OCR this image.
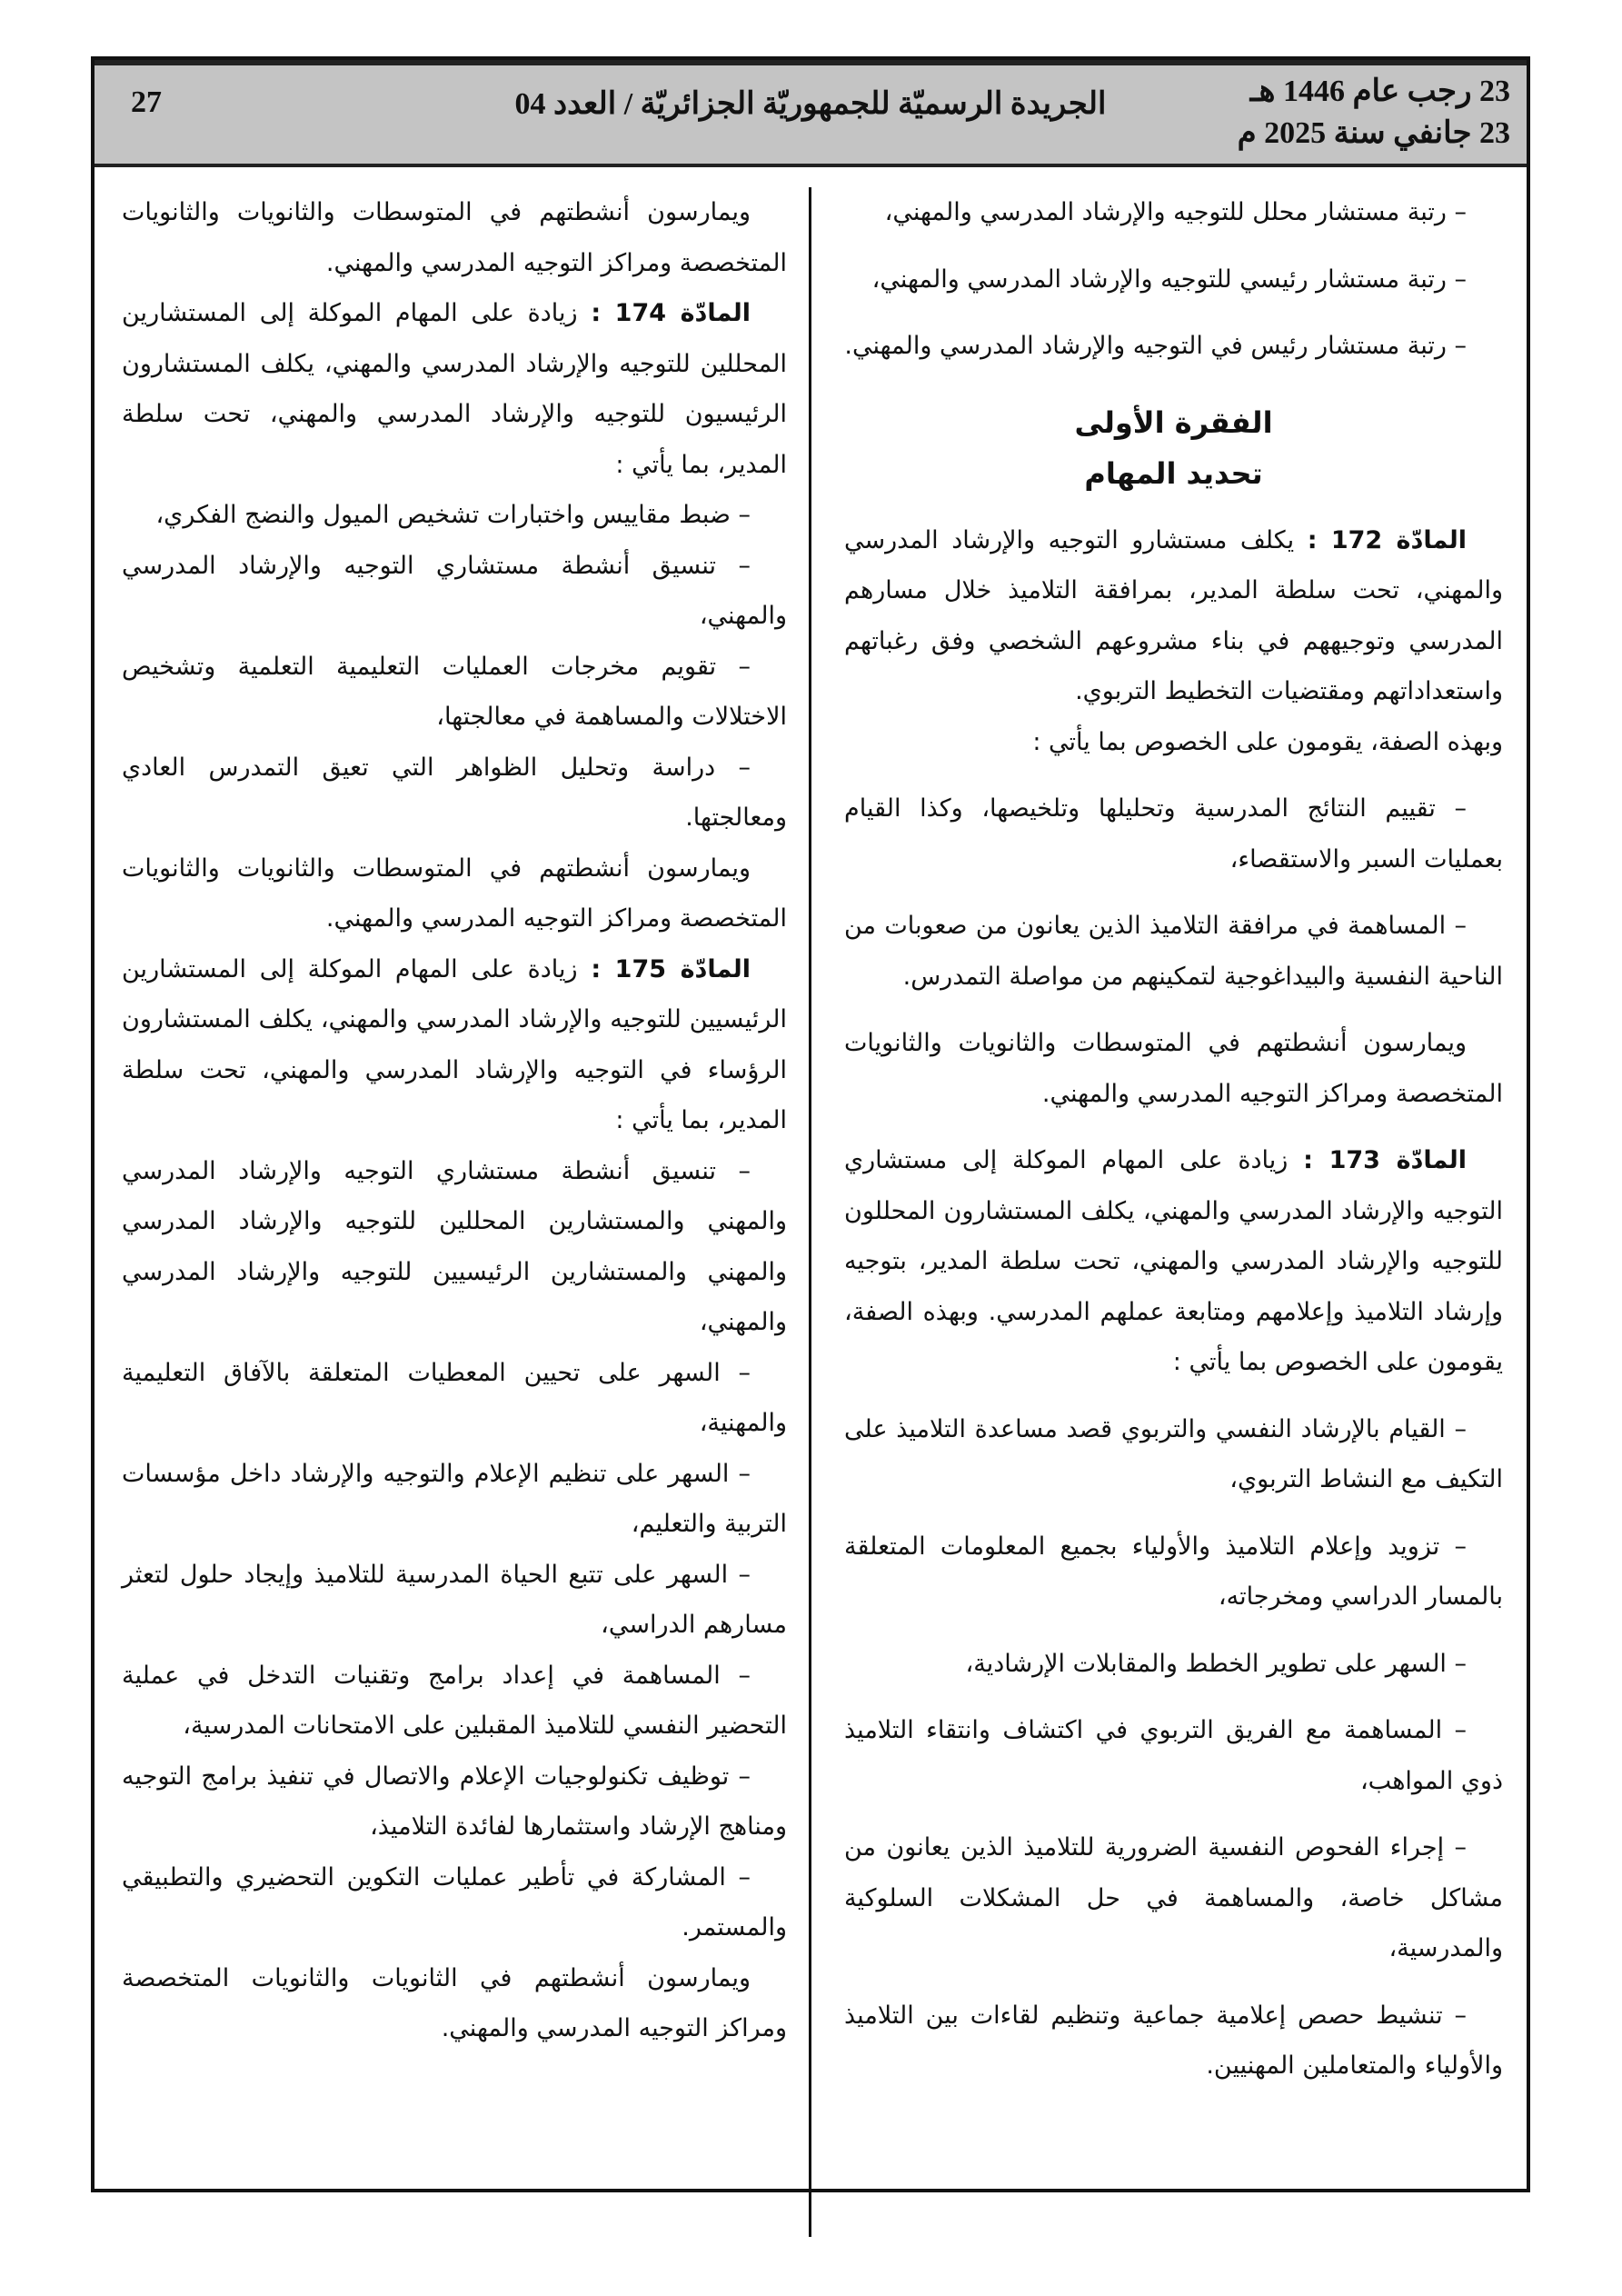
23 رجب عام 1446 هـ
23 جانفي سنة 2025 م
الجريدة الرسميّة للجمهوريّة الجزائريّة / العدد 04
27

– رتبة مستشار محلل للتوجيه والإرشاد المدرسي والمهني،

– رتبة مستشار رئيسي للتوجيه والإرشاد المدرسي والمهني،

– رتبة مستشار رئيس في التوجيه والإرشاد المدرسي والمهني.

الفقرة الأولى
تحديد المهام

المادّة 172 : يكلف مستشارو التوجيه والإرشاد المدرسي والمهني، تحت سلطة المدير، بمرافقة التلاميذ خلال مسارهم المدرسي وتوجيههم في بناء مشروعهم الشخصي وفق رغباتهم واستعداداتهم ومقتضيات التخطيط التربوي.

وبهذه الصفة، يقومون على الخصوص بما يأتي :

– تقييم النتائج المدرسية وتحليلها وتلخيصها، وكذا القيام بعمليات السبر والاستقصاء،

– المساهمة في مرافقة التلاميذ الذين يعانون من صعوبات من الناحية النفسية والبيداغوجية لتمكينهم من مواصلة التمدرس.

ويمارسون أنشطتهم في المتوسطات والثانويات والثانويات المتخصصة ومراكز التوجيه المدرسي والمهني.

المادّة 173 : زيادة على المهام الموكلة إلى مستشاري التوجيه والإرشاد المدرسي والمهني، يكلف المستشارون المحللون للتوجيه والإرشاد المدرسي والمهني، تحت سلطة المدير، بتوجيه وإرشاد التلاميذ وإعلامهم ومتابعة عملهم المدرسي. وبهذه الصفة، يقومون على الخصوص بما يأتي :

– القيام بالإرشاد النفسي والتربوي قصد مساعدة التلاميذ على التكيف مع النشاط التربوي،

– تزويد وإعلام التلاميذ والأولياء بجميع المعلومات المتعلقة بالمسار الدراسي ومخرجاته،

– السهر على تطوير الخطط والمقابلات الإرشادية،

– المساهمة مع الفريق التربوي في اكتشاف وانتقاء التلاميذ ذوي المواهب،

– إجراء الفحوص النفسية الضرورية للتلاميذ الذين يعانون من مشاكل خاصة، والمساهمة في حل المشكلات السلوكية والمدرسية،

– تنشيط حصص إعلامية جماعية وتنظيم لقاءات بين التلاميذ والأولياء والمتعاملين المهنيين.

ويمارسون أنشطتهم في المتوسطات والثانويات والثانويات المتخصصة ومراكز التوجيه المدرسي والمهني.

المادّة 174 : زيادة على المهام الموكلة إلى المستشارين المحللين للتوجيه والإرشاد المدرسي والمهني، يكلف المستشارون الرئيسيون للتوجيه والإرشاد المدرسي والمهني، تحت سلطة المدير، بما يأتي :

– ضبط مقاييس واختبارات تشخيص الميول والنضج الفكري،

– تنسيق أنشطة مستشاري التوجيه والإرشاد المدرسي والمهني،

– تقويم مخرجات العمليات التعليمية التعلمية وتشخيص الاختلالات والمساهمة في معالجتها،

– دراسة وتحليل الظواهر التي تعيق التمدرس العادي ومعالجتها.

ويمارسون أنشطتهم في المتوسطات والثانويات والثانويات المتخصصة ومراكز التوجيه المدرسي والمهني.

المادّة 175 : زيادة على المهام الموكلة إلى المستشارين الرئيسيين للتوجيه والإرشاد المدرسي والمهني، يكلف المستشارون الرؤساء في التوجيه والإرشاد المدرسي والمهني، تحت سلطة المدير، بما يأتي :

– تنسيق أنشطة مستشاري التوجيه والإرشاد المدرسي والمهني والمستشارين المحللين للتوجيه والإرشاد المدرسي والمهني والمستشارين الرئيسيين للتوجيه والإرشاد المدرسي والمهني،

– السهر على تحيين المعطيات المتعلقة بالآفاق التعليمية والمهنية،

– السهر على تنظيم الإعلام والتوجيه والإرشاد داخل مؤسسات التربية والتعليم،

– السهر على تتبع الحياة المدرسية للتلاميذ وإيجاد حلول لتعثر مسارهم الدراسي،

– المساهمة في إعداد برامج وتقنيات التدخل في عملية التحضير النفسي للتلاميذ المقبلين على الامتحانات المدرسية،

– توظيف تكنولوجيات الإعلام والاتصال في تنفيذ برامج التوجيه ومناهج الإرشاد واستثمارها لفائدة التلاميذ،

– المشاركة في تأطير عمليات التكوين التحضيري والتطبيقي والمستمر.

ويمارسون أنشطتهم في الثانويات والثانويات المتخصصة ومراكز التوجيه المدرسي والمهني.
